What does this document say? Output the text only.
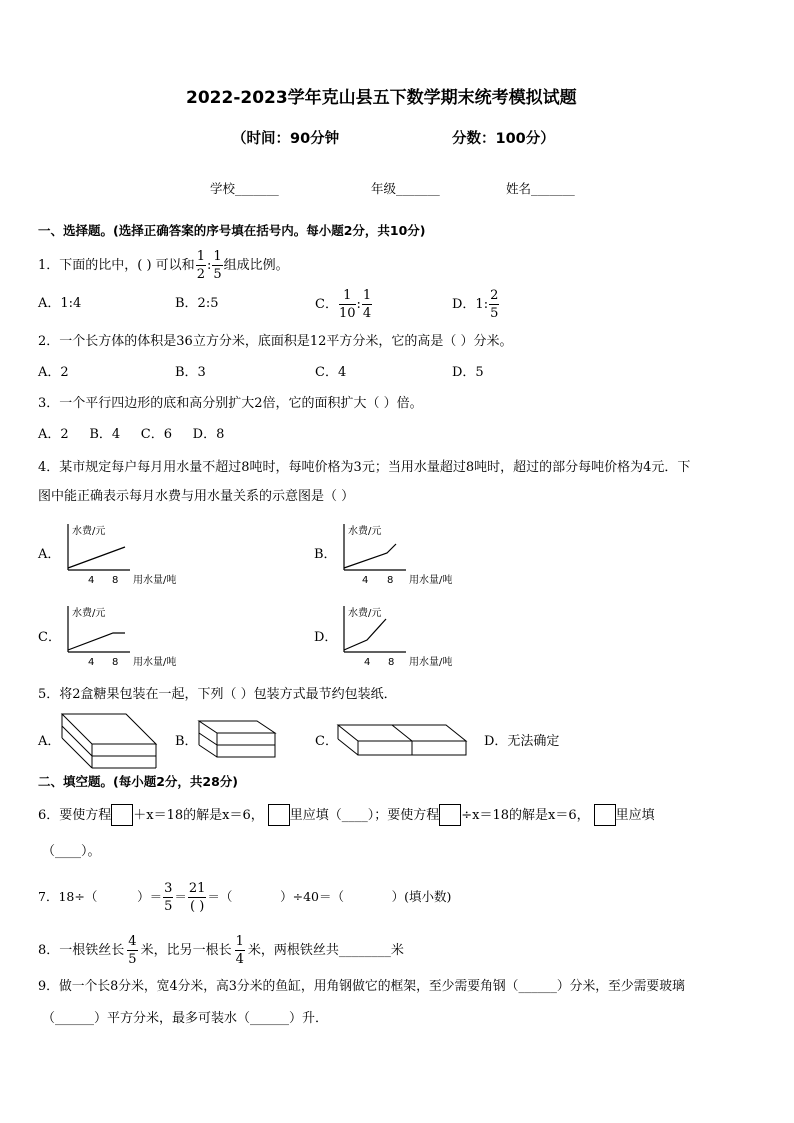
2022-2023学年克山县五下数学期末统考模拟试题
（时间：90分钟	分数：100分）
学校_______	年级_______	姓名_______
一、选择题。(选择正确答案的序号填在括号内。每小题2分，共10分)
1．下面的比中，( ) 可以和 $\frac{1}{2}$ : $\frac{1}{5}$ 组成比例。
A．1:4	B．2:5	C． $\frac{1}{10}$ : $\frac{1}{4}$	D．1: $\frac{2}{5}$
2．一个长方体的体积是36立方分米，底面积是12平方分米，它的高是（ ）分米。
A．2	B．3	C．4	D．5
3．一个平行四边形的底和高分别扩大2倍，它的面积扩大（ ）倍。
A．2     B．4     C．6     D．8
4．某市规定每户每月用水量不超过8吨时，每吨价格为3元；当用水量超过8吨时，超过的部分每吨价格为4元．下
图中能正确表示每月水费与用水量关系的示意图是（ ）
A．
水费/元
4 8 用水量/吨
B．
水费/元
4 8 用水量/吨
C．
水费/元
4 8 用水量/吨
D．
水费/元
4 8 用水量/吨
5．将2盒糖果包装在一起，下列（ ）包装方式最节约包装纸．
A．	B．	C．	D．无法确定
二、填空题。(每小题2分，共28分)
6．要使方程 ＋x＝18的解是x＝6， 里应填（____）；要使方程 ÷x＝18的解是x＝6， 里应填
（____）。
7．18÷（          ）＝ $\frac{3}{5} = \frac{21}{( )}$ ＝（            ）÷40＝（            ）(填小数)
8．一根铁丝长 $\frac{4}{5}$ 米，比另一根长 $\frac{1}{4}$ 米，两根铁丝共________米
9．做一个长8分米，宽4分米，高3分米的鱼缸，用角钢做它的框架，至少需要角钢（______）分米，至少需要玻璃
（______）平方分米，最多可装水（______）升．
